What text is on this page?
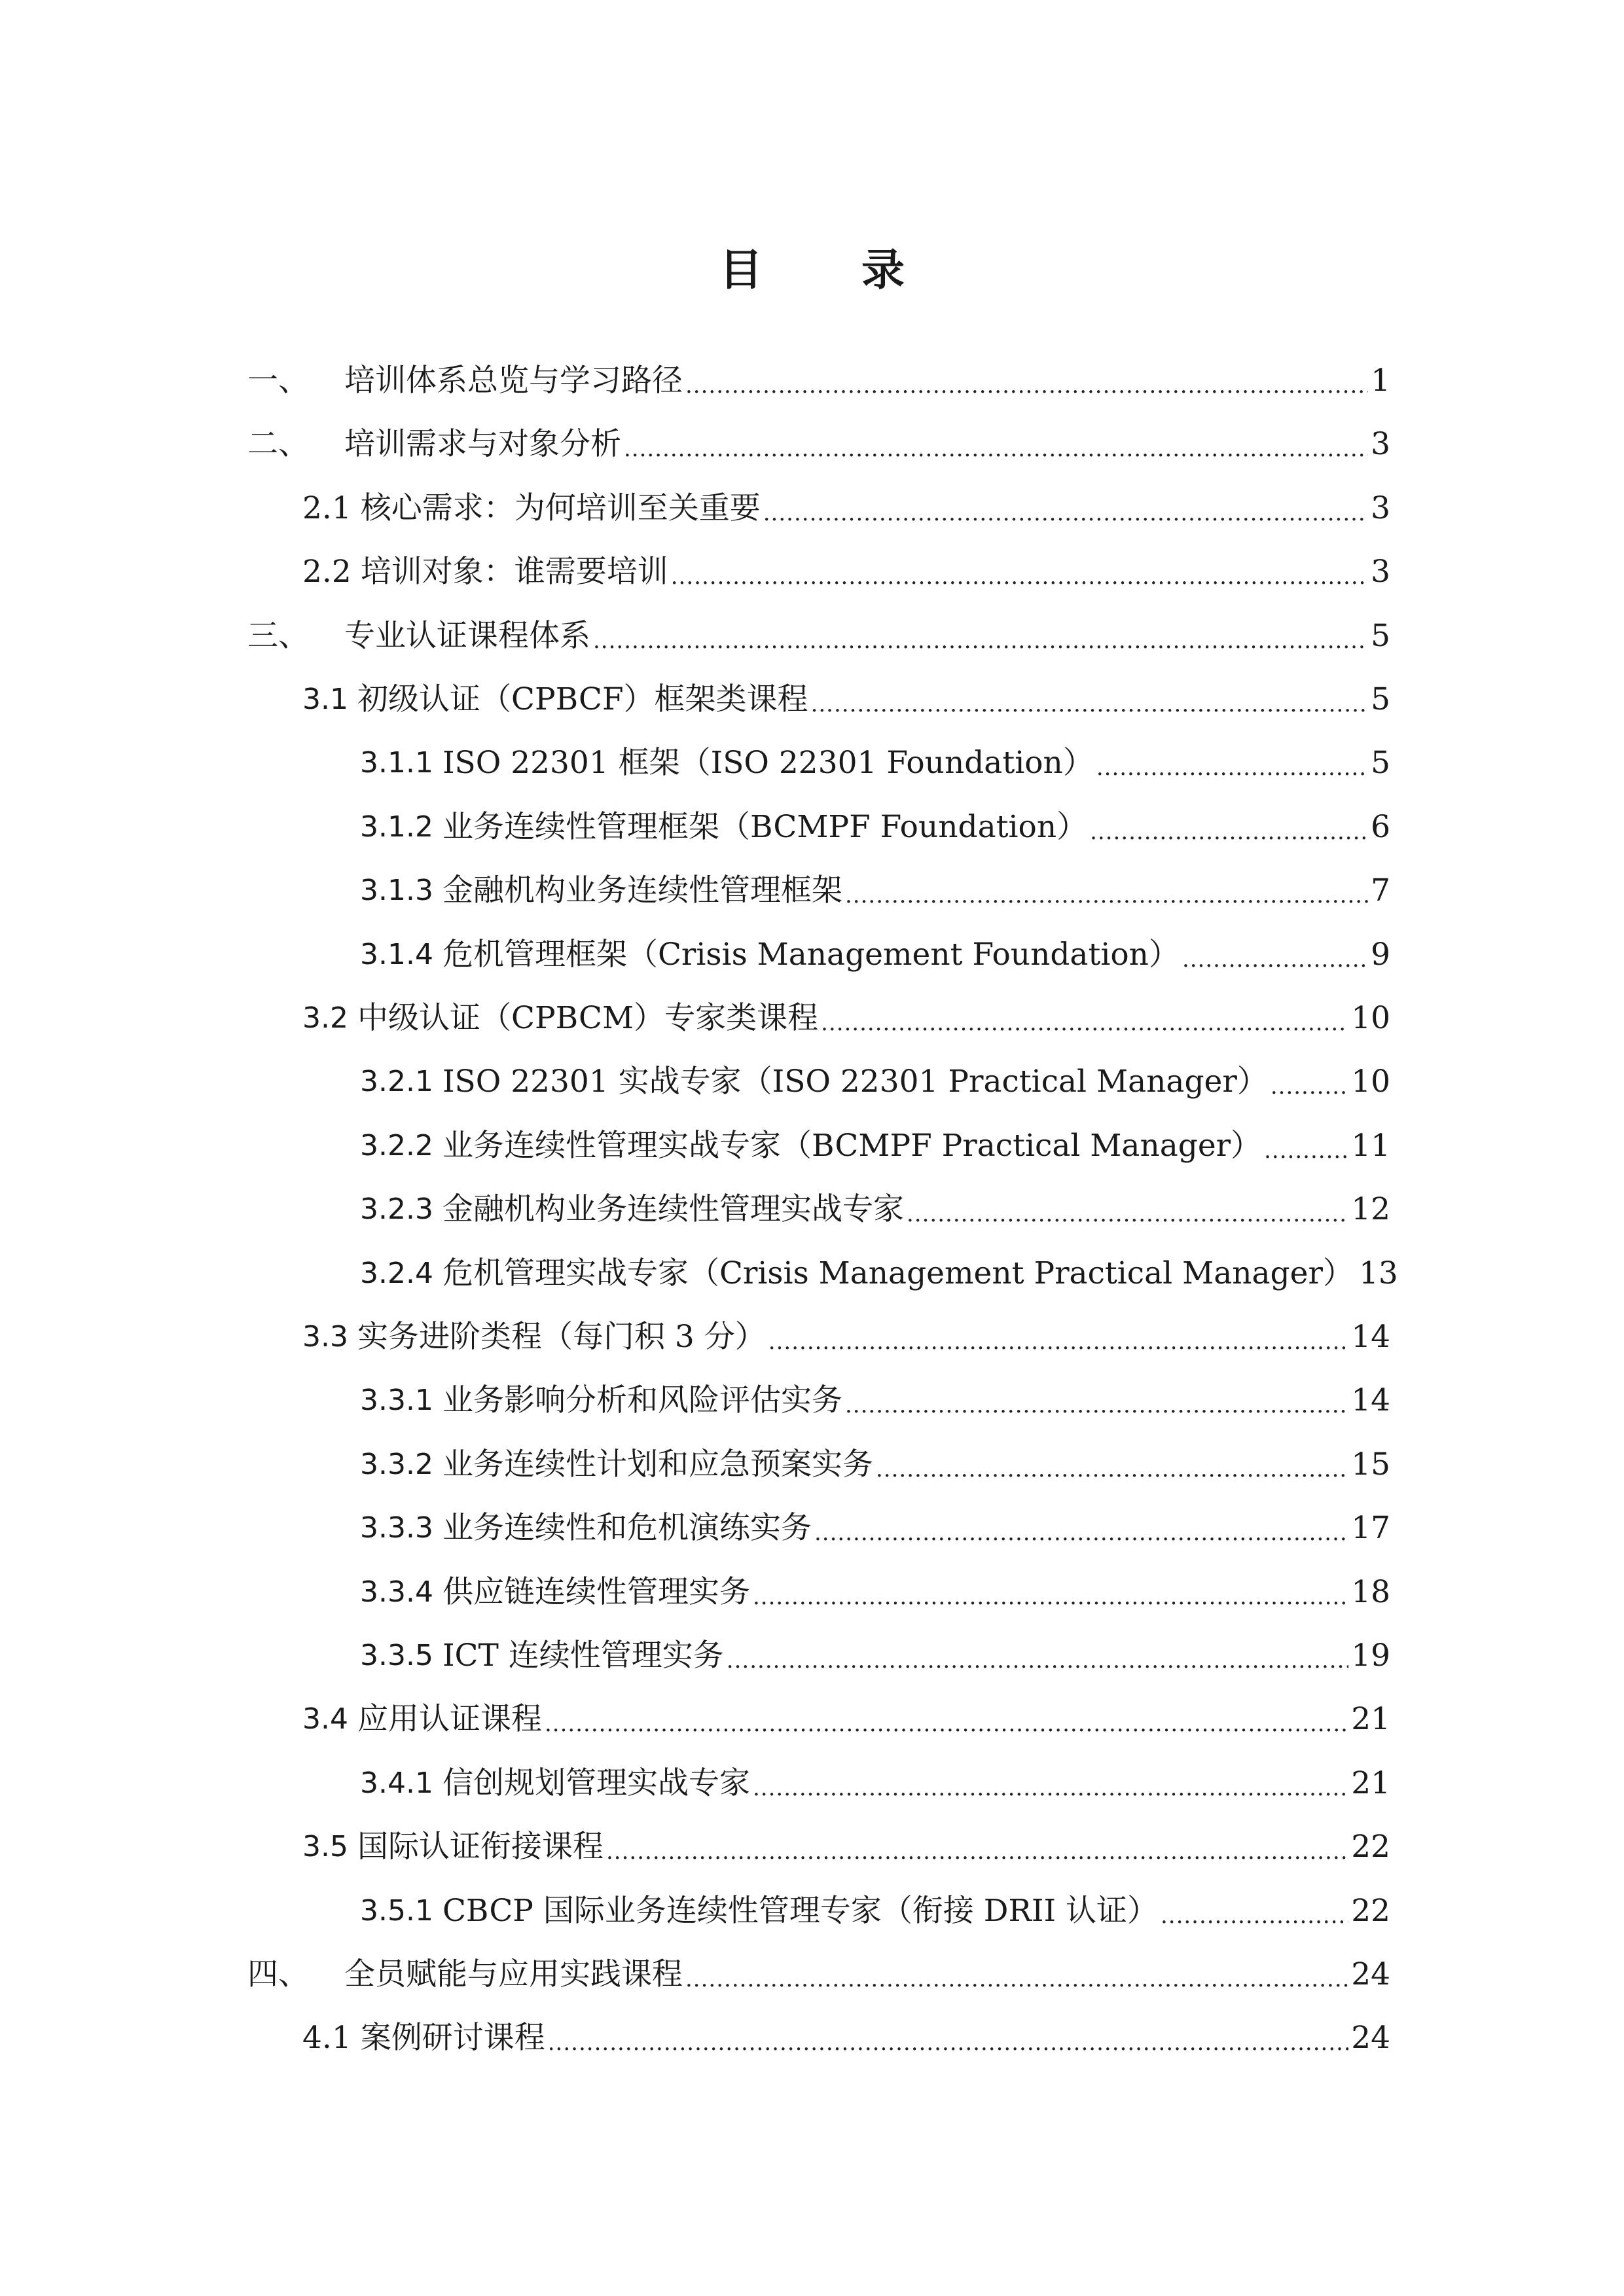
目 录
一、	培训体系总览与学习路径 .....	1
二、	培训需求与对象分析 .....	3
2.1 核心需求：为何培训至关重要 .....	3
2.2 培训对象：谁需要培训 .....	3
三、	专业认证课程体系 .....	5
3.1 初级认证（CPBCF）框架类课程 .....	5
3.1.1 ISO 22301 框架（ISO 22301 Foundation） .....	5
3.1.2 业务连续性管理框架（BCMPF Foundation） .....	6
3.1.3 金融机构业务连续性管理框架 .....	7
3.1.4 危机管理框架（Crisis Management Foundation） .....	9
3.2 中级认证（CPBCM）专家类课程 .....	10
3.2.1 ISO 22301 实战专家（ISO 22301 Practical Manager） .....	10
3.2.2 业务连续性管理实战专家（BCMPF Practical Manager） .....	11
3.2.3 金融机构业务连续性管理实战专家 .....	12
3.2.4 危机管理实战专家（Crisis Management Practical Manager） 13
3.3 实务进阶类程（每门积 3 分） .....	14
3.3.1 业务影响分析和风险评估实务 .....	14
3.3.2 业务连续性计划和应急预案实务 .....	15
3.3.3 业务连续性和危机演练实务 .....	17
3.3.4 供应链连续性管理实务 .....	18
3.3.5 ICT 连续性管理实务 .....	19
3.4 应用认证课程 .....	21
3.4.1 信创规划管理实战专家 .....	21
3.5 国际认证衔接课程 .....	22
3.5.1 CBCP 国际业务连续性管理专家（衔接 DRII 认证） .....	22
四、	全员赋能与应用实践课程 .....	24
4.1 案例研讨课程 .....	24
